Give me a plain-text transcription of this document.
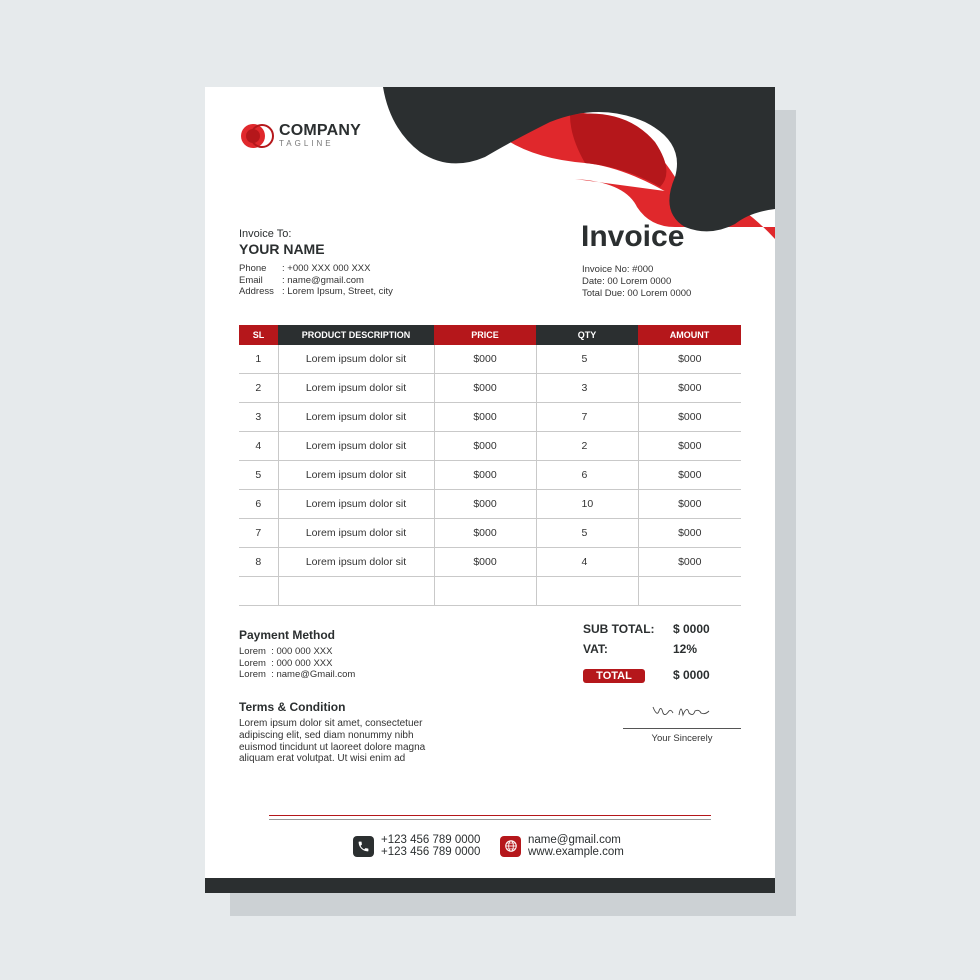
COMPANY
TAGLINE
Invoice To:
YOUR NAME
Phone	: +000 XXX 000 XXX
Email	: name@gmail.com
Address	: Lorem Ipsum, Street, city
Invoice
Invoice No: #000
Date: 00 Lorem 0000
Total Due: 00 Lorem 0000
SL	PRODUCT DESCRIPTION	PRICE	QTY	AMOUNT
1	Lorem ipsum dolor sit	$000	5	$000
2	Lorem ipsum dolor sit	$000	3	$000
3	Lorem ipsum dolor sit	$000	7	$000
4	Lorem ipsum dolor sit	$000	2	$000
5	Lorem ipsum dolor sit	$000	6	$000
6	Lorem ipsum dolor sit	$000	10	$000
7	Lorem ipsum dolor sit	$000	5	$000
8	Lorem ipsum dolor sit	$000	4	$000

SUB TOTAL:	$ 0000
VAT:	12%
TOTAL	$ 0000
Payment Method
Lorem  : 000 000 XXX
Lorem  : 000 000 XXX
Lorem  : name@Gmail.com
Terms & Condition

Lorem ipsum dolor sit amet, consectetuer adipiscing elit, sed diam nonummy nibh euismod tincidunt ut laoreet dolore magna aliquam erat volutpat. Ut wisi enim ad

Your Sincerely
+123 456 789 0000
+123 456 789 0000
name@gmail.com
www.example.com
